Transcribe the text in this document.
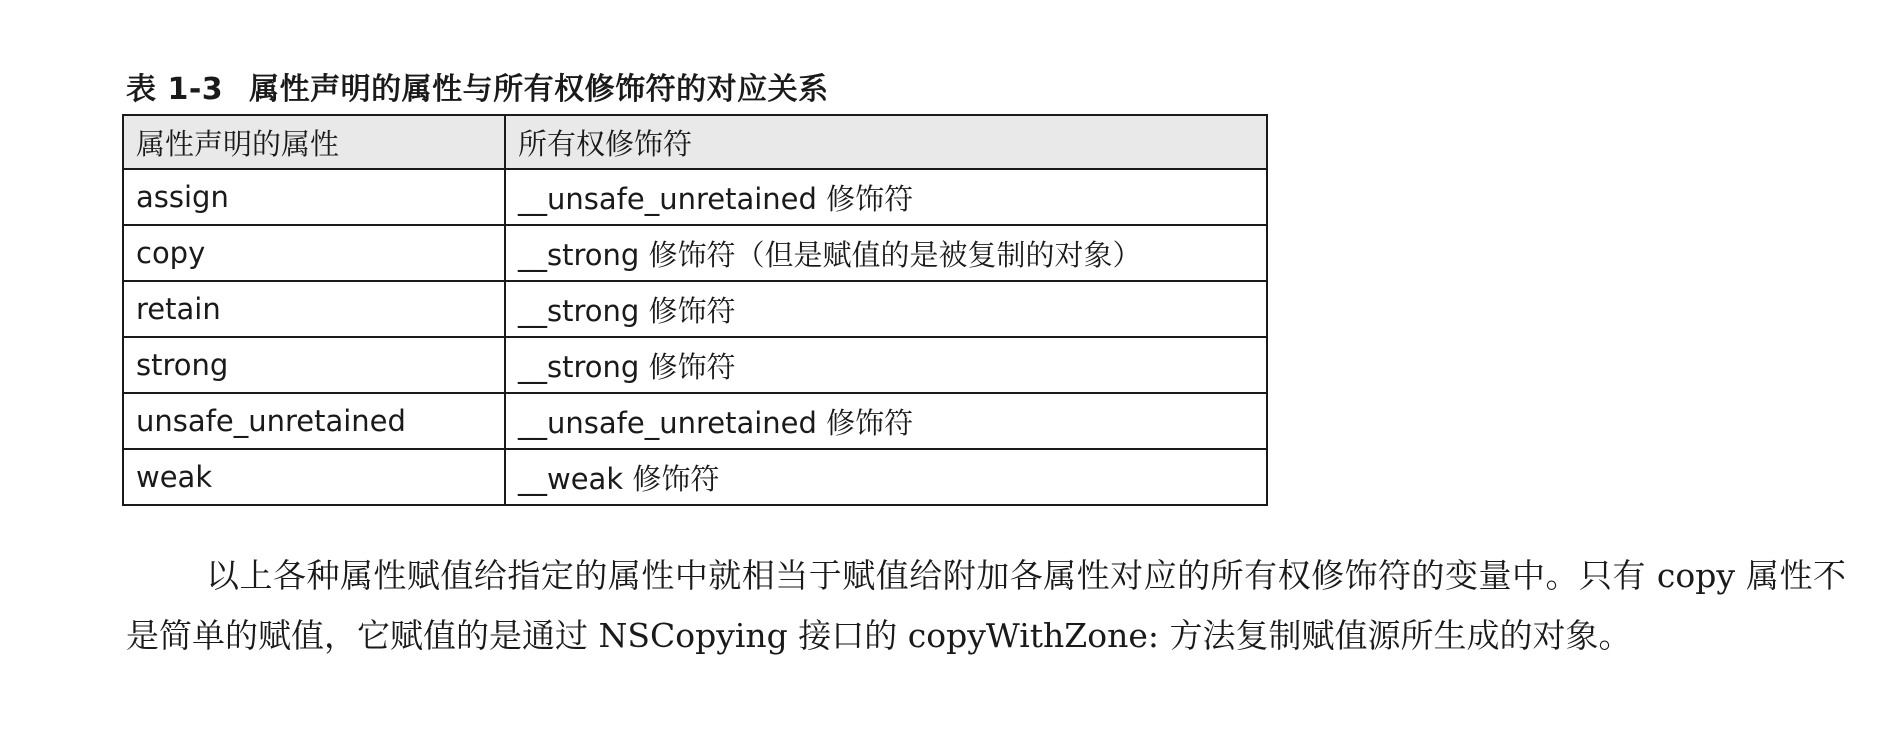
表 1-3 属性声明的属性与所有权修饰符的对应关系
属性声明的属性	所有权修饰符
assign	__unsafe_unretained 修饰符
copy	__strong 修饰符（但是赋值的是被复制的对象）
retain	__strong 修饰符
strong	__strong 修饰符
unsafe_unretained	__unsafe_unretained 修饰符
weak	__weak 修饰符

以上各种属性赋值给指定的属性中就相当于赋值给附加各属性对应的所有权修饰符的变量中。只有 copy 属性不是简单的赋值，它赋值的是通过 NSCopying 接口的 copyWithZone: 方法复制赋值源所生成的对象。
